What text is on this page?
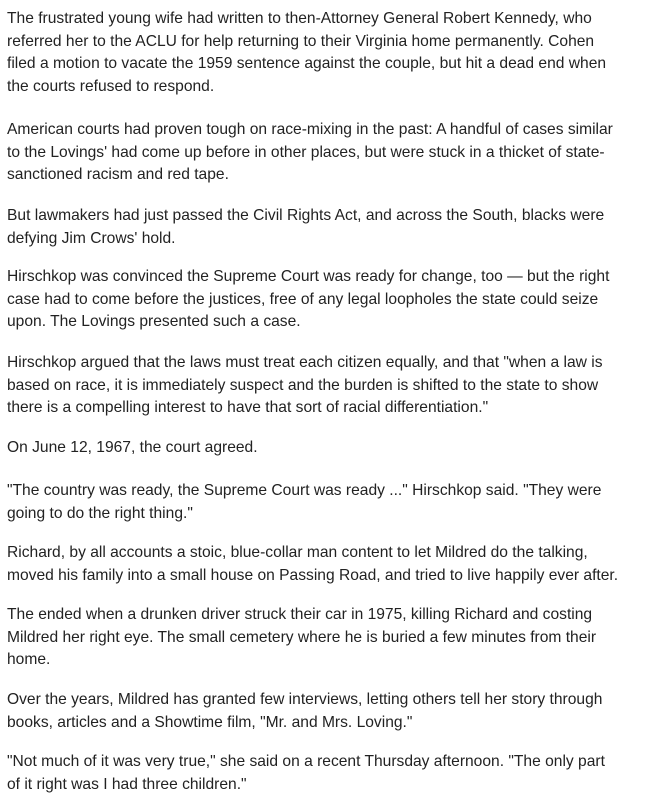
The frustrated young wife had written to then-Attorney General Robert Kennedy, who
referred her to the ACLU for help returning to their Virginia home permanently. Cohen
filed a motion to vacate the 1959 sentence against the couple, but hit a dead end when
the courts refused to respond.

American courts had proven tough on race-mixing in the past: A handful of cases similar
to the Lovings' had come up before in other places, but were stuck in a thicket of state-
sanctioned racism and red tape.

But lawmakers had just passed the Civil Rights Act, and across the South, blacks were
defying Jim Crows' hold.

Hirschkop was convinced the Supreme Court was ready for change, too — but the right
case had to come before the justices, free of any legal loopholes the state could seize
upon. The Lovings presented such a case.

Hirschkop argued that the laws must treat each citizen equally, and that "when a law is
based on race, it is immediately suspect and the burden is shifted to the state to show
there is a compelling interest to have that sort of racial differentiation."

On June 12, 1967, the court agreed.

"The country was ready, the Supreme Court was ready ..." Hirschkop said. "They were
going to do the right thing."

Richard, by all accounts a stoic, blue-collar man content to let Mildred do the talking,
moved his family into a small house on Passing Road, and tried to live happily ever after.

The ended when a drunken driver struck their car in 1975, killing Richard and costing
Mildred her right eye. The small cemetery where he is buried a few minutes from their
home.

Over the years, Mildred has granted few interviews, letting others tell her story through
books, articles and a Showtime film, "Mr. and Mrs. Loving."

"Not much of it was very true," she said on a recent Thursday afternoon. "The only part
of it right was I had three children."
